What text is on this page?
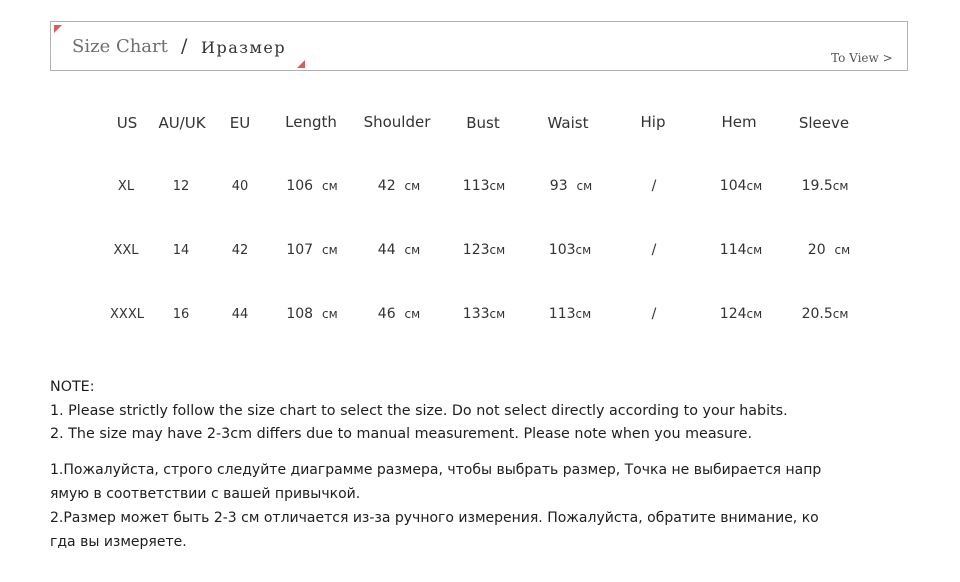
Size Chart / Иразмер
To View >
US	AU/UK	EU	Length	Shoulder	Bust	Waist	Hip	Hem	Sleeve
XL	12	40	106 см	42 см	113см	93 см	/	104см	19.5см
XXL	14	42	107 см	44 см	123см	103см	/	114см	20 см
XXXL	16	44	108 см	46 см	133см	113см	/	124см	20.5см

NOTE:

1. Please strictly follow the size chart to select the size. Do not select directly according to your habits.

2. The size may have 2-3cm differs due to manual measurement. Please note when you measure.

1.Пожалуйста, строго следуйте диаграмме размера, чтобы выбрать размер, Точка не выбирается напр

ямую в соответствии с вашей привычкой.

2.Размер может быть 2-3 см отличается из-за ручного измерения. Пожалуйста, обратите внимание, ко

гда вы измеряете.
